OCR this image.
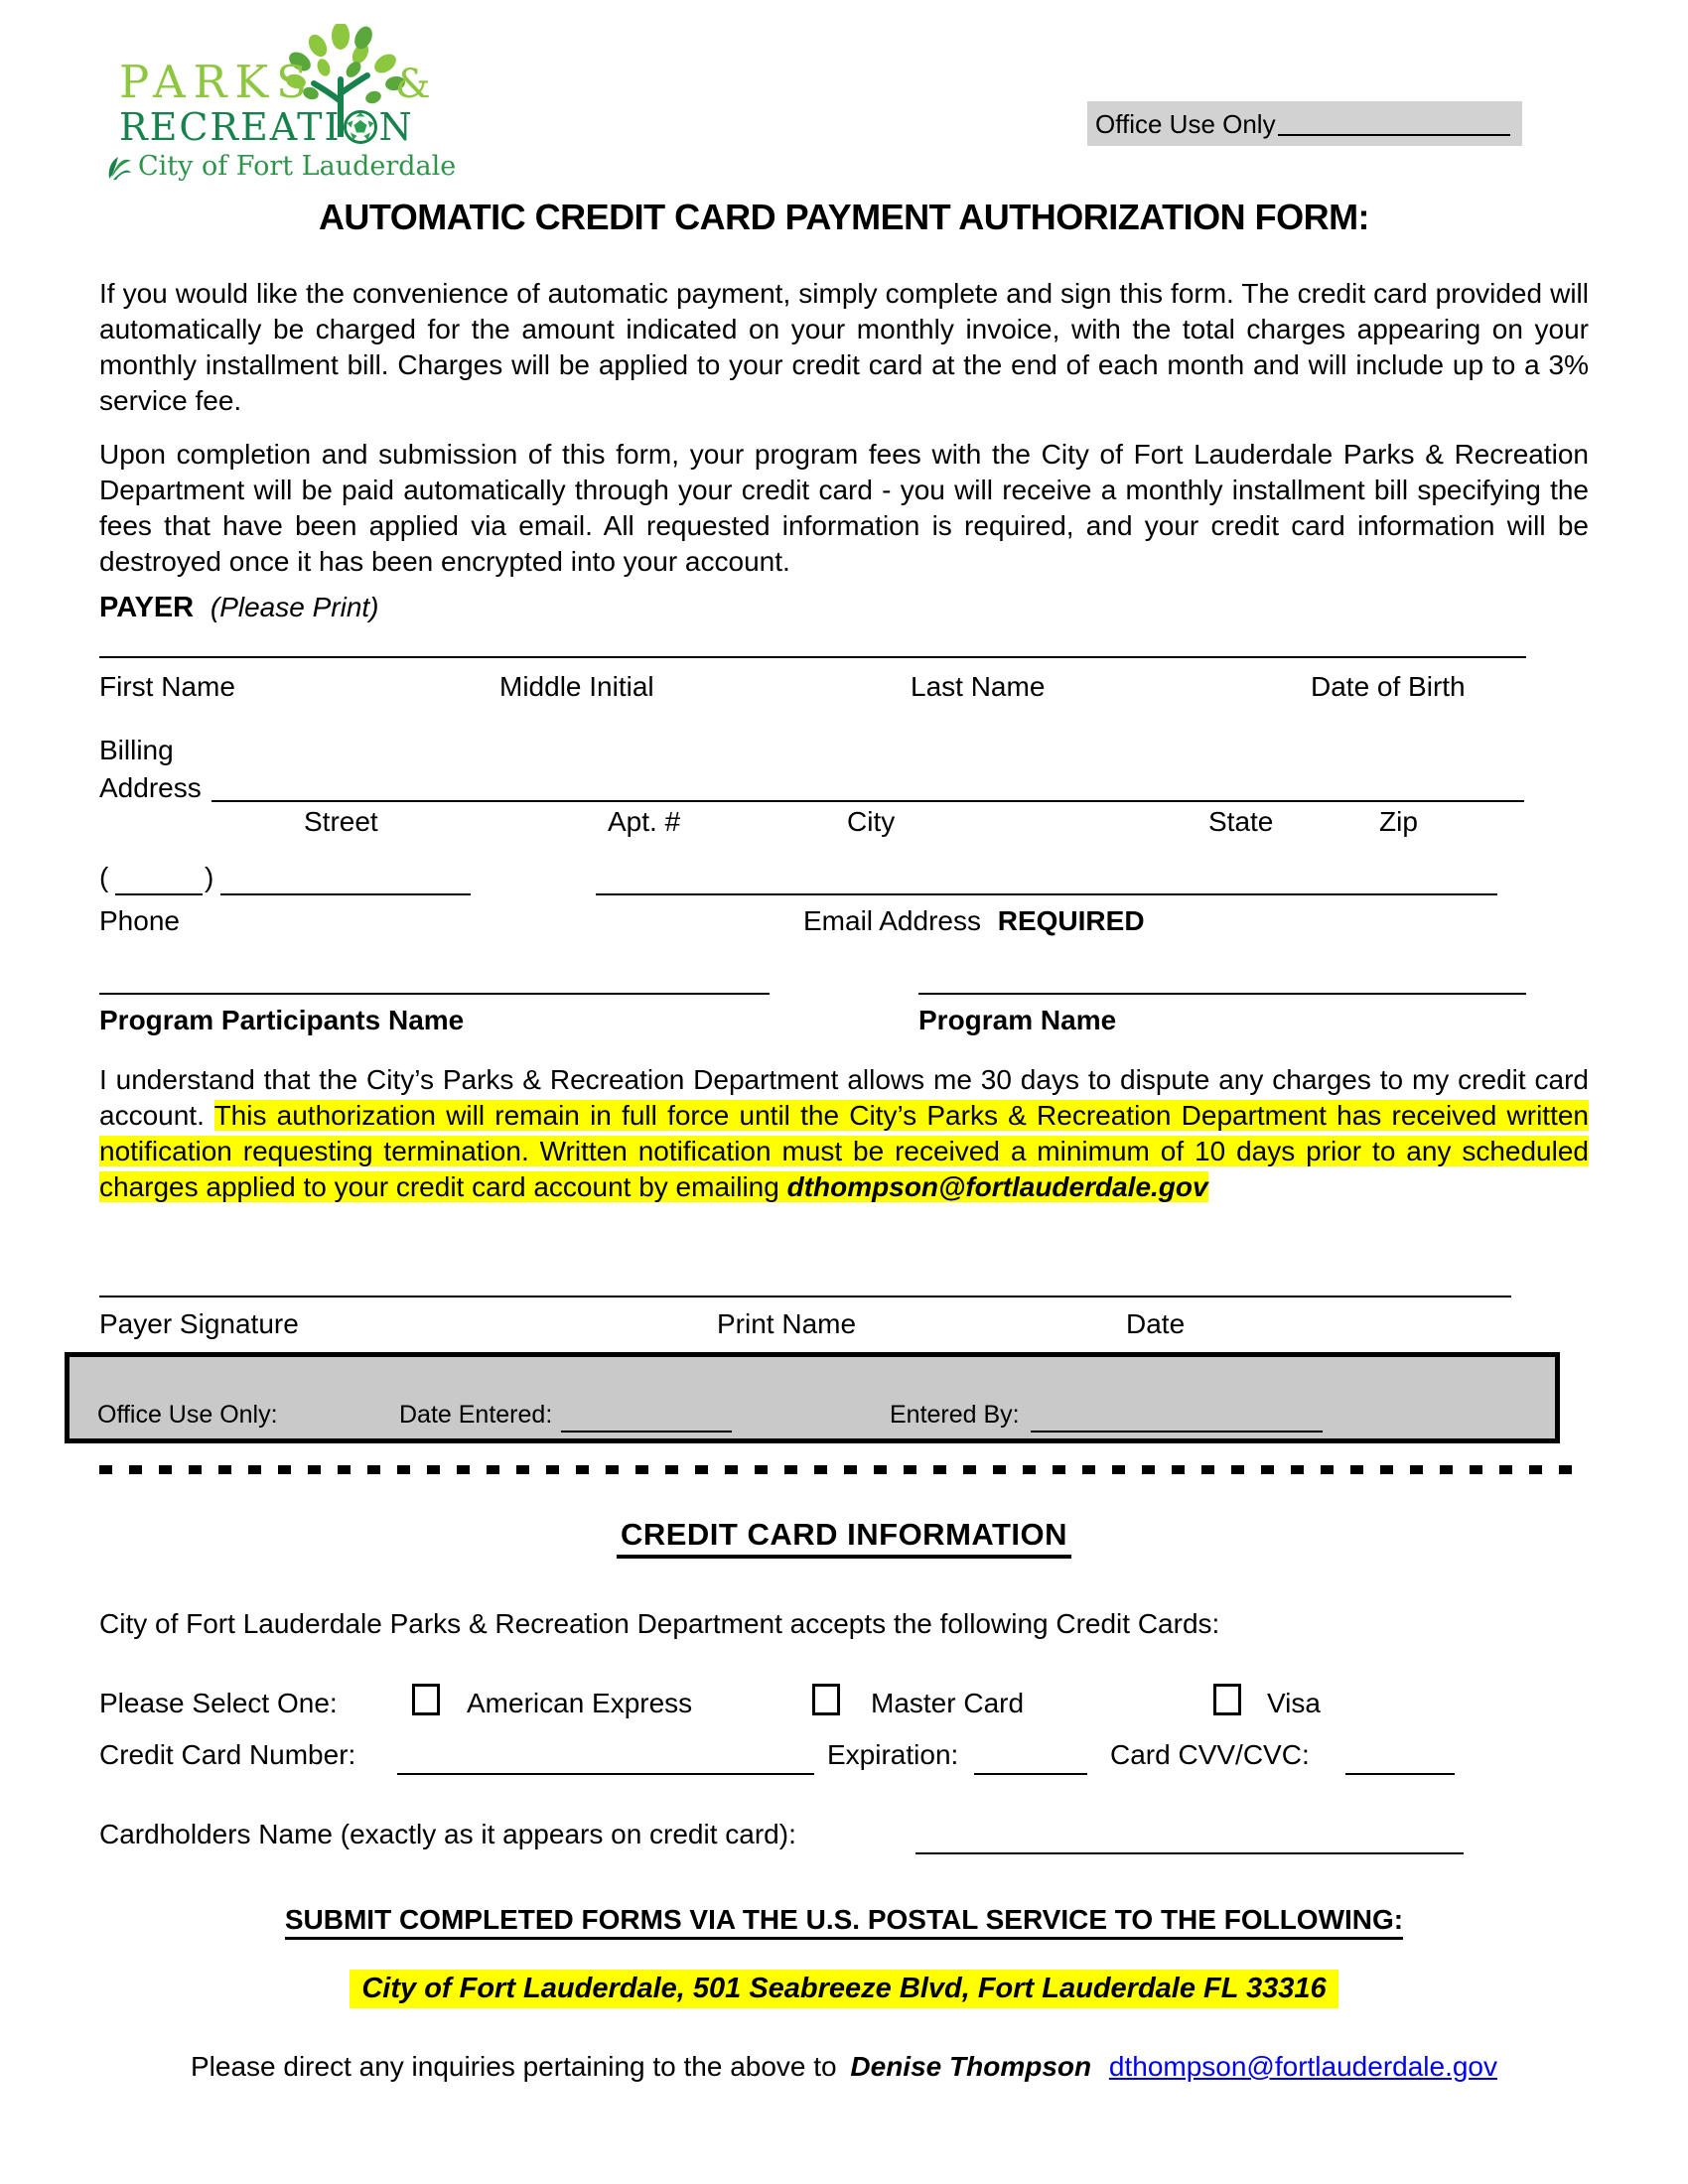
PARKS &
RECREATI N
City of Fort Lauderdale
Office Use Only
AUTOMATIC CREDIT CARD PAYMENT AUTHORIZATION FORM:
If you would like the convenience of automatic payment, simply complete and sign this form. The credit card provided will automatically be charged for the amount indicated on your monthly invoice, with the total charges appearing on your monthly installment bill. Charges will be applied to your credit card at the end of each month and will include up to a 3% service fee.
Upon completion and submission of this form, your program fees with the City of Fort Lauderdale Parks & Recreation Department will be paid automatically through your credit card - you will receive a monthly installment bill specifying the fees that have been applied via email. All requested information is required, and your credit card information will be destroyed once it has been encrypted into your account.
PAYER (Please Print)
First Name	Middle Initial	Last Name	Date of Birth
Billing
Address
Street	Apt. #	City	State	Zip
(	)
Phone	Email Address REQUIRED
Program Participants Name	Program Name
I understand that the City’s Parks & Recreation Department allows me 30 days to dispute any charges to my credit card account. This authorization will remain in full force until the City’s Parks & Recreation Department has received written notification requesting termination. Written notification must be received a minimum of 10 days prior to any scheduled charges applied to your credit card account by emailing dthompson@fortlauderdale.gov
Payer Signature	Print Name	Date
Office Use Only:	Date Entered:	Entered By:
CREDIT CARD INFORMATION
City of Fort Lauderdale Parks & Recreation Department accepts the following Credit Cards:
Please Select One:	American Express	Master Card	Visa
Credit Card Number:	Expiration:	Card CVV/CVC:
Cardholders Name (exactly as it appears on credit card):
SUBMIT COMPLETED FORMS VIA THE U.S. POSTAL SERVICE TO THE FOLLOWING:
City of Fort Lauderdale, 501 Seabreeze Blvd, Fort Lauderdale FL 33316
Please direct any inquiries pertaining to the above to Denise Thompson dthompson@fortlauderdale.gov
